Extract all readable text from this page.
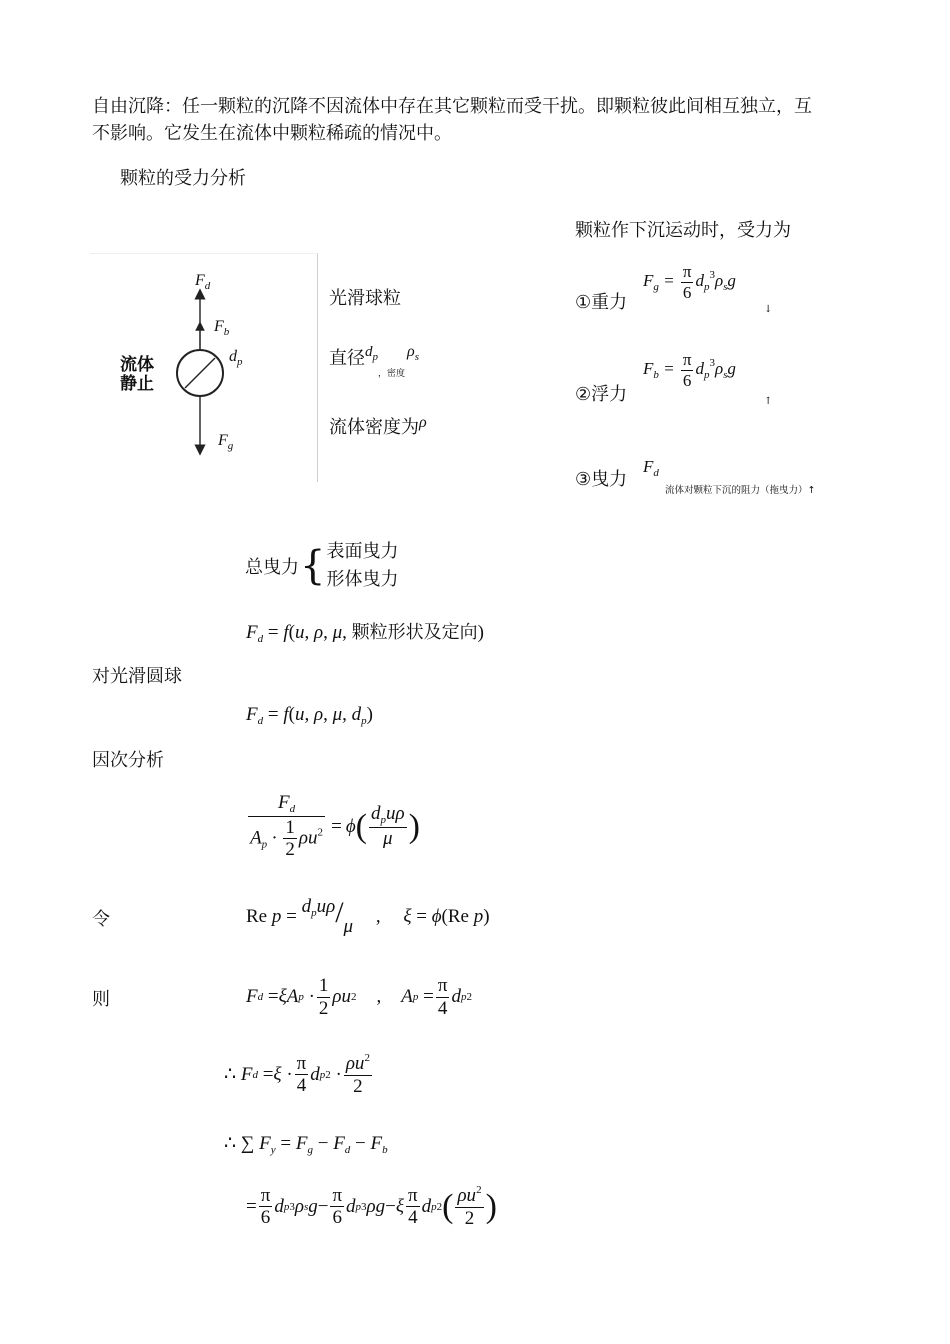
自由沉降：任一颗粒的沉降不因流体中存在其它颗粒而受干扰。即颗粒彼此间相互独立，互
不影响。它发生在流体中颗粒稀疏的情况中。
颗粒的受力分析
流体
静止
$F_d$
$F_b$
$d_p$
$F_g$
光滑球粒
直径$d_{p,密度}\rho_s$
流体密度为ρ
颗粒作下沉运动时，受力为
①重力
$F_g = \frac{\pi}{6} d_p^3\rho_sg$
↓
②浮力
$F_b = \frac{\pi}{6} d_p^3\rho_sg$
↑
③曳力
$F_d$
流体对颗粒下沉的阻力（拖曳力）↑
总曳力 { 表面曳力
形体曳力
$F_d = f(u$, ρ, μ, 颗粒形状及定向)
对光滑圆球
$F_d = f(u$, ρ, μ, $d_p$)
因次分析
$\frac{F_d}{A_p \cdot \frac{1}{2} \rho u^2} = \phi$ ( $\frac{d_pu\rho}{\mu}$ )
令	Re $p = d_pu\rho/\mu$ , ξ = ϕ(Re p)
则	F d = ξA $p \cdot \frac{1}{2}$ ρu 2 , A $p = \frac{\pi}{4}$ d p 2
∴
F $d = \xi \cdot \frac{\pi}{4}$ d p $2 \cdot \frac{\rho u^2}{2}$
∴ ∑ $F_y = F_g - F_d - F_b$
= $\frac{\pi}{6}$ d p 3 ρ s $g - \frac{\pi}{6}$ d p 3 ρg − ξ $\frac{\pi}{4}$ d p 2 ( $\frac{\rho u^2}{2}$ )
